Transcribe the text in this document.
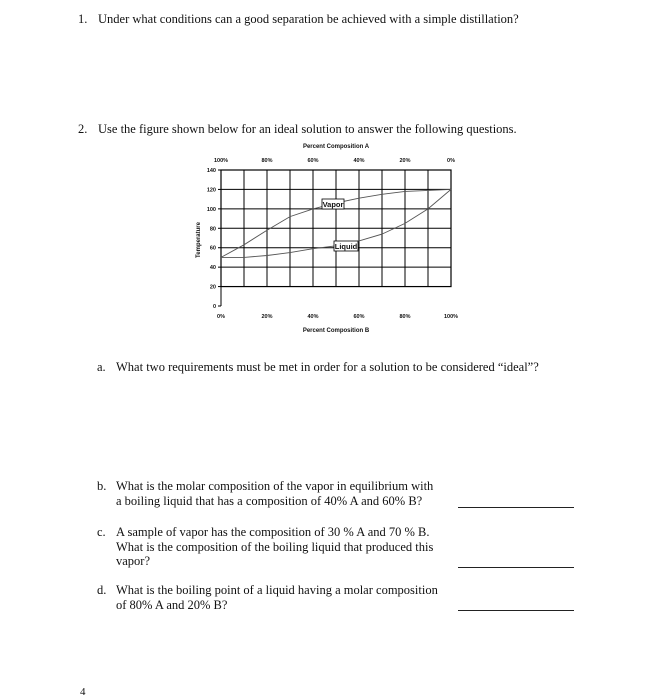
1. Under what conditions can a good separation be achieved with a simple distillation?
2. Use the figure shown below for an ideal solution to answer the following questions.
0
20
40
60
80
100
120
140
0%	20%	40%	60%	80%	100%
100%	80%	60%	40%	20%	0%
Vapor
Liquid
Percent Composition A
Percent Composition B
Temperature
a. What two requirements must be met in order for a solution to be considered “ideal”?
b. What is the molar composition of the vapor in equilibrium with
a boiling liquid that has a composition of 40% A and 60% B?
c. A sample of vapor has the composition of 30 % A and 70 % B.
What is the composition of the boiling liquid that produced this
vapor?
d. What is the boiling point of a liquid having a molar composition
of 80% A and 20% B?
4
